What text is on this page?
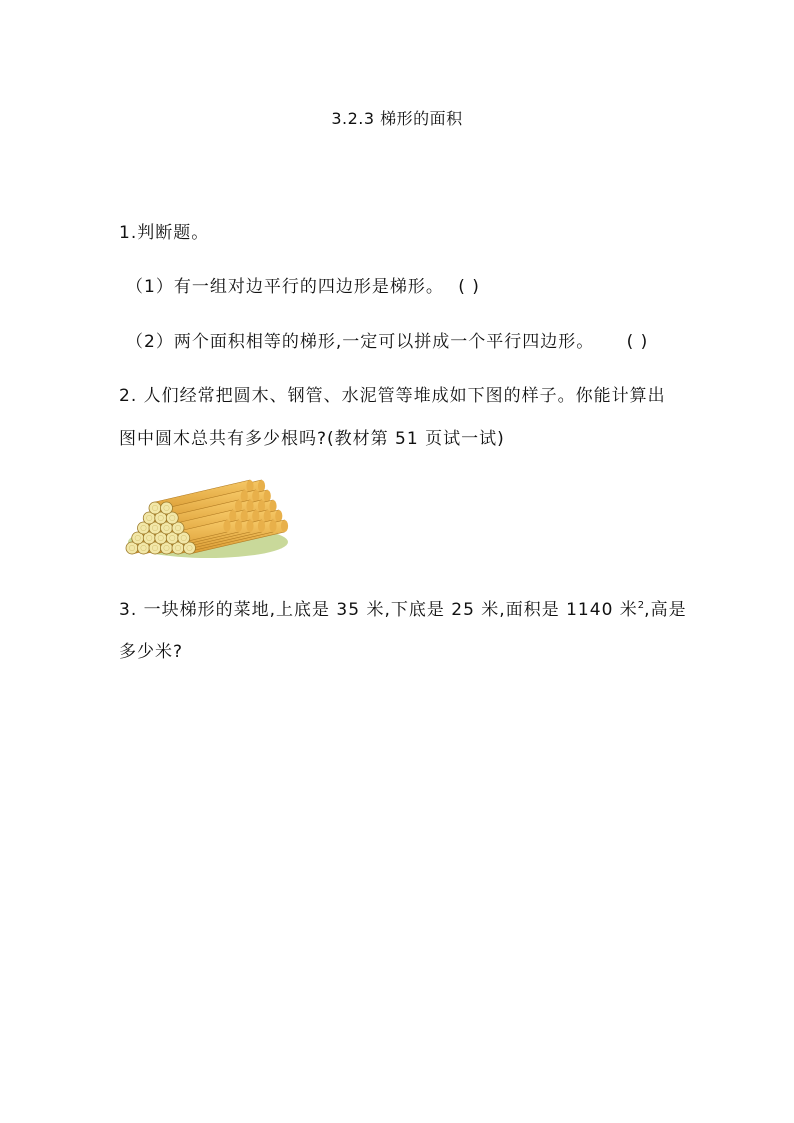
3.2.3 梯形的面积
1.判断题。
（1）有一组对边平行的四边形是梯形。 ( )
（2）两个面积相等的梯形,一定可以拼成一个平行四边形。 ( )
2. 人们经常把圆木、钢管、水泥管等堆成如下图的样子。你能计算出
图中圆木总共有多少根吗?(教材第 51 页试一试)
3. 一块梯形的菜地,上底是 35 米,下底是 25 米,面积是 1140 米$^2$,高是
多少米?
